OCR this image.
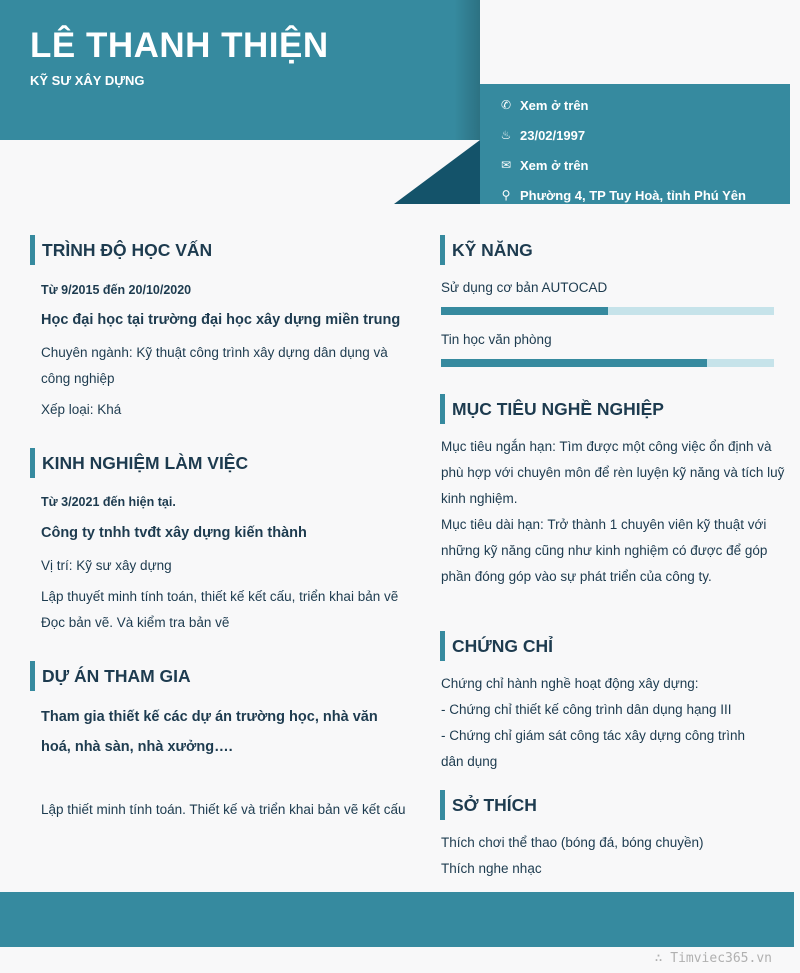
LÊ THANH THIỆN
KỸ SƯ XÂY DỰNG
✆ Xem ở trên
♨ 23/02/1997
✉ Xem ở trên
⚲ Phường 4, TP Tuy Hoà, tỉnh Phú Yên
TRÌNH ĐỘ HỌC VẤN
Từ 9/2015 đến 20/10/2020
Học đại học tại trường đại học xây dựng miền trung
Chuyên ngành: Kỹ thuật công trình xây dựng dân dụng và công nghiệp
Xếp loại: Khá
KINH NGHIỆM LÀM VIỆC
Từ 3/2021 đến hiện tại.
Công ty tnhh tvđt xây dựng kiến thành
Vị trí: Kỹ sư xây dựng
Lập thuyết minh tính toán, thiết kế kết cấu, triển khai bản vẽ
Đọc bản vẽ. Và kiểm tra bản vẽ
DỰ ÁN THAM GIA
Tham gia thiết kế các dự án trường học, nhà văn hoá, nhà sàn, nhà xưởng….
Lập thiết minh tính toán. Thiết kế và triển khai bản vẽ kết cấu
KỸ NĂNG
Sử dụng cơ bản AUTOCAD
Tin học văn phòng
MỤC TIÊU NGHỀ NGHIỆP
Mục tiêu ngắn hạn: Tìm được một công việc ổn định và phù hợp với chuyên môn để rèn luyện kỹ năng và tích luỹ kinh nghiệm.
Mục tiêu dài hạn: Trở thành 1 chuyên viên kỹ thuật với những kỹ năng cũng như kinh nghiệm có được để góp phần đóng góp vào sự phát triển của công ty.
CHỨNG CHỈ
Chứng chỉ hành nghề hoạt động xây dựng:
- Chứng chỉ thiết kế công trình dân dụng hạng III
- Chứng chỉ giám sát công tác xây dựng công trình dân dụng
SỞ THÍCH
Thích chơi thể thao (bóng đá, bóng chuyền)
Thích nghe nhạc
∴ Timviec365.vn
